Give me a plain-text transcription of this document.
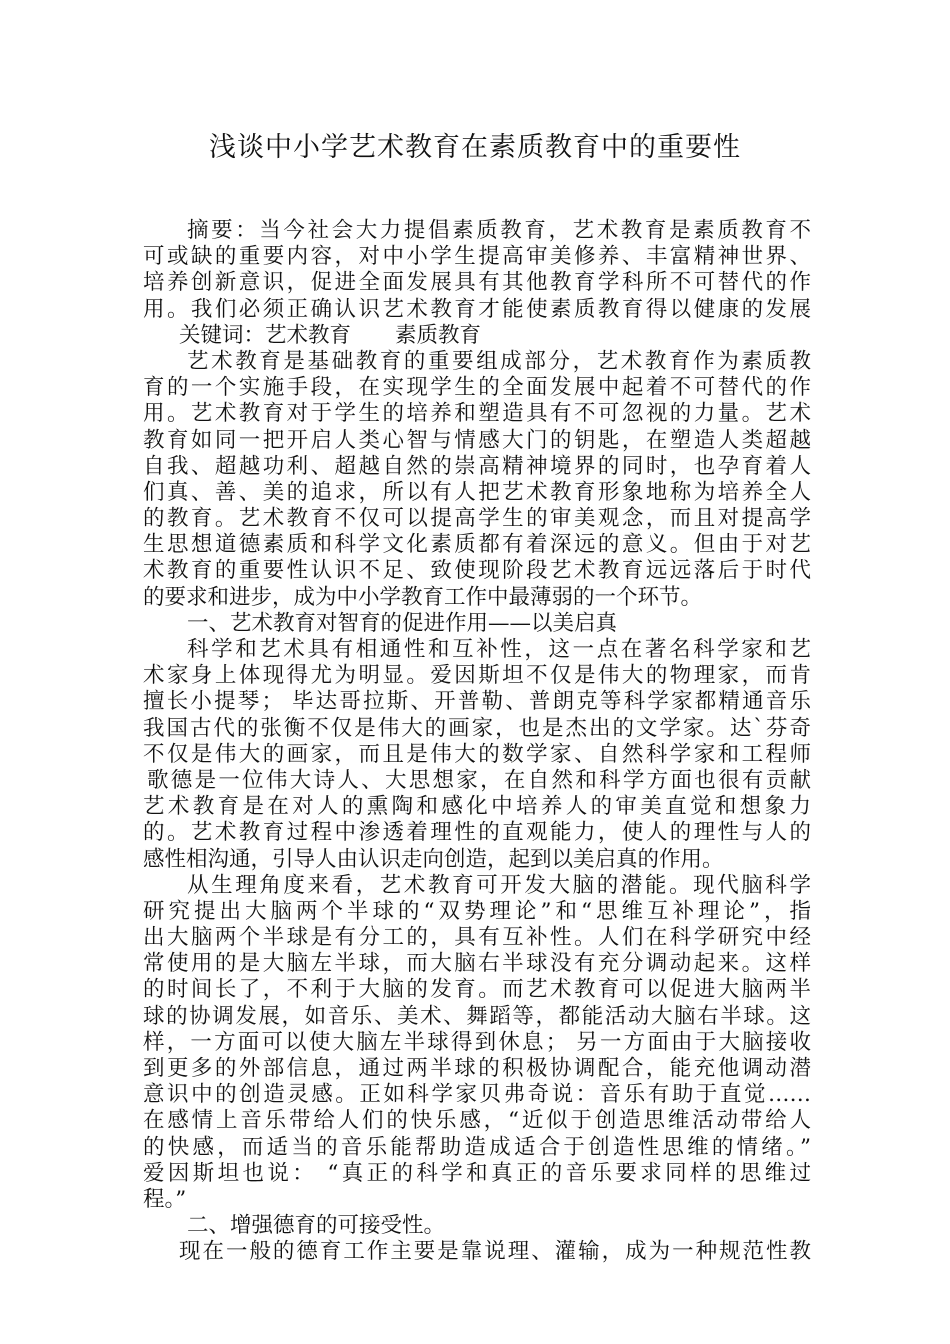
浅谈中小学艺术教育在素质教育中的重要性
摘要：当今社会大力提倡素质教育，艺术教育是素质教育不
可或缺的重要内容，对中小学生提高审美修养、丰富精神世界、
培养创新意识，促进全面发展具有其他教育学科所不可替代的作
用。我们必须正确认识艺术教育才能使素质教育得以健康的发展
关键词：艺术教育 素质教育
艺术教育是基础教育的重要组成部分，艺术教育作为素质教
育的一个实施手段，在实现学生的全面发展中起着不可替代的作
用。艺术教育对于学生的培养和塑造具有不可忽视的力量。艺术
教育如同一把开启人类心智与情感大门的钥匙，在塑造人类超越
自我、超越功利、超越自然的崇高精神境界的同时，也孕育着人
们真、善、美的追求，所以有人把艺术教育形象地称为培养全人
的教育。艺术教育不仅可以提高学生的审美观念，而且对提高学
生思想道德素质和科学文化素质都有着深远的意义。但由于对艺
术教育的重要性认识不足、致使现阶段艺术教育远远落后于时代
的要求和进步，成为中小学教育工作中最薄弱的一个环节。
一、艺术教育对智育的促进作用——以美启真
科学和艺术具有相通性和互补性，这一点在著名科学家和艺
术家身上体现得尤为明显。爱因斯坦不仅是伟大的物理家，而肯
擅长小提琴； 毕达哥拉斯、开普勒、普朗克等科学家都精通音乐
我国古代的张衡不仅是伟大的画家，也是杰出的文学家。达`芬奇
不仅是伟大的画家，而且是伟大的数学家、自然科学家和工程师
歌德是一位伟大诗人、大思想家，在自然和科学方面也很有贡献
艺术教育是在对人的熏陶和感化中培养人的审美直觉和想象力
的。艺术教育过程中渗透着理性的直观能力，使人的理性与人的
感性相沟通，引导人由认识走向创造，起到以美启真的作用。
从生理角度来看，艺术教育可开发大脑的潜能。现代脑科学
研究提出大脑两个半球的“双势理论”和“思维互补理论”，指
出大脑两个半球是有分工的，具有互补性。人们在科学研究中经
常使用的是大脑左半球，而大脑右半球没有充分调动起来。这样
的时间长了，不利于大脑的发育。而艺术教育可以促进大脑两半
球的协调发展，如音乐、美术、舞蹈等，都能活动大脑右半球。这
样，一方面可以使大脑左半球得到休息； 另一方面由于大脑接收
到更多的外部信息，通过两半球的积极协调配合，能充他调动潜
意识中的创造灵感。正如科学家贝弗奇说：音乐有助于直觉……
在感情上音乐带给人们的快乐感，“近似于创造思维活动带给人
的快感，而适当的音乐能帮助造成适合于创造性思维的情绪。”
爱因斯坦也说： “真正的科学和真正的音乐要求同样的思维过
程。”
二、增强德育的可接受性。
现在一般的德育工作主要是靠说理、灌输，成为一种规范性教
